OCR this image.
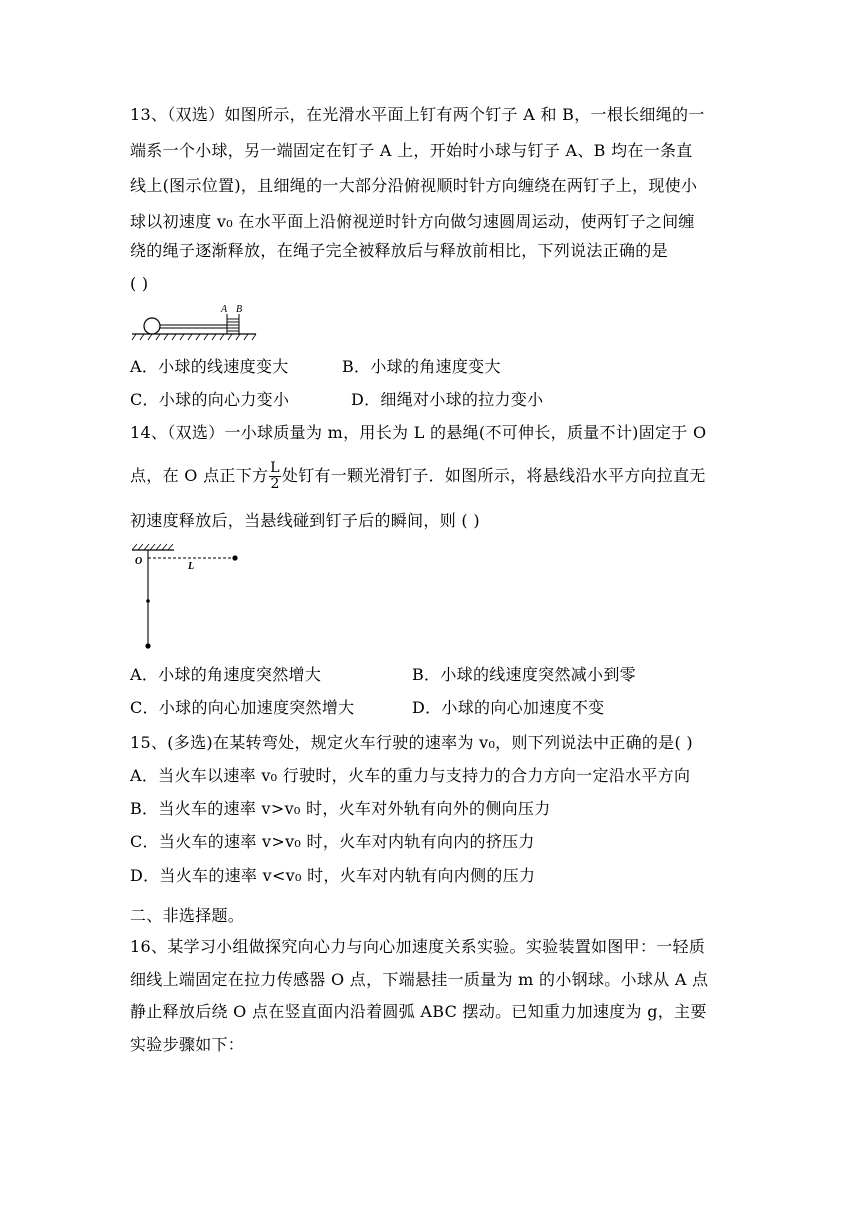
13、（双选）如图所示，在光滑水平面上钉有两个钉子 A 和 B，一根长细绳的一
端系一个小球，另一端固定在钉子 A 上，开始时小球与钉子 A、B 均在一条直
线上(图示位置)，且细绳的一大部分沿俯视顺时针方向缠绕在两钉子上，现使小
球以初速度 v₀ 在水平面上沿俯视逆时针方向做匀速圆周运动，使两钉子之间缠
绕的绳子逐渐释放，在绳子完全被释放后与释放前相比，下列说法正确的是
( )
A B
A．小球的线速度变大	B．小球的角速度变大
C．小球的向心力变小	D．细绳对小球的拉力变小
14、（双选）一小球质量为 m，用长为 L 的悬绳(不可伸长，质量不计)固定于 O
点，在 O 点正下方 $\frac{L}{2}$ 处钉有一颗光滑钉子．如图所示，将悬线沿水平方向拉直无
初速度释放后，当悬线碰到钉子后的瞬间，则 ( )
O	L
A．小球的角速度突然增大	B．小球的线速度突然减小到零
C．小球的向心加速度突然增大	D．小球的向心加速度不变
15、(多选)在某转弯处，规定火车行驶的速率为 v₀，则下列说法中正确的是( )
A．当火车以速率 v₀ 行驶时，火车的重力与支持力的合力方向一定沿水平方向
B．当火车的速率 v>v₀ 时，火车对外轨有向外的侧向压力
C．当火车的速率 v>v₀ 时，火车对内轨有向内的挤压力
D．当火车的速率 v<v₀ 时，火车对内轨有向内侧的压力
二、非选择题。
16、某学习小组做探究向心力与向心加速度关系实验。实验装置如图甲：一轻质
细线上端固定在拉力传感器 O 点，下端悬挂一质量为 m 的小钢球。小球从 A 点
静止释放后绕 O 点在竖直面内沿着圆弧 ABC 摆动。已知重力加速度为 g，主要
实验步骤如下：
